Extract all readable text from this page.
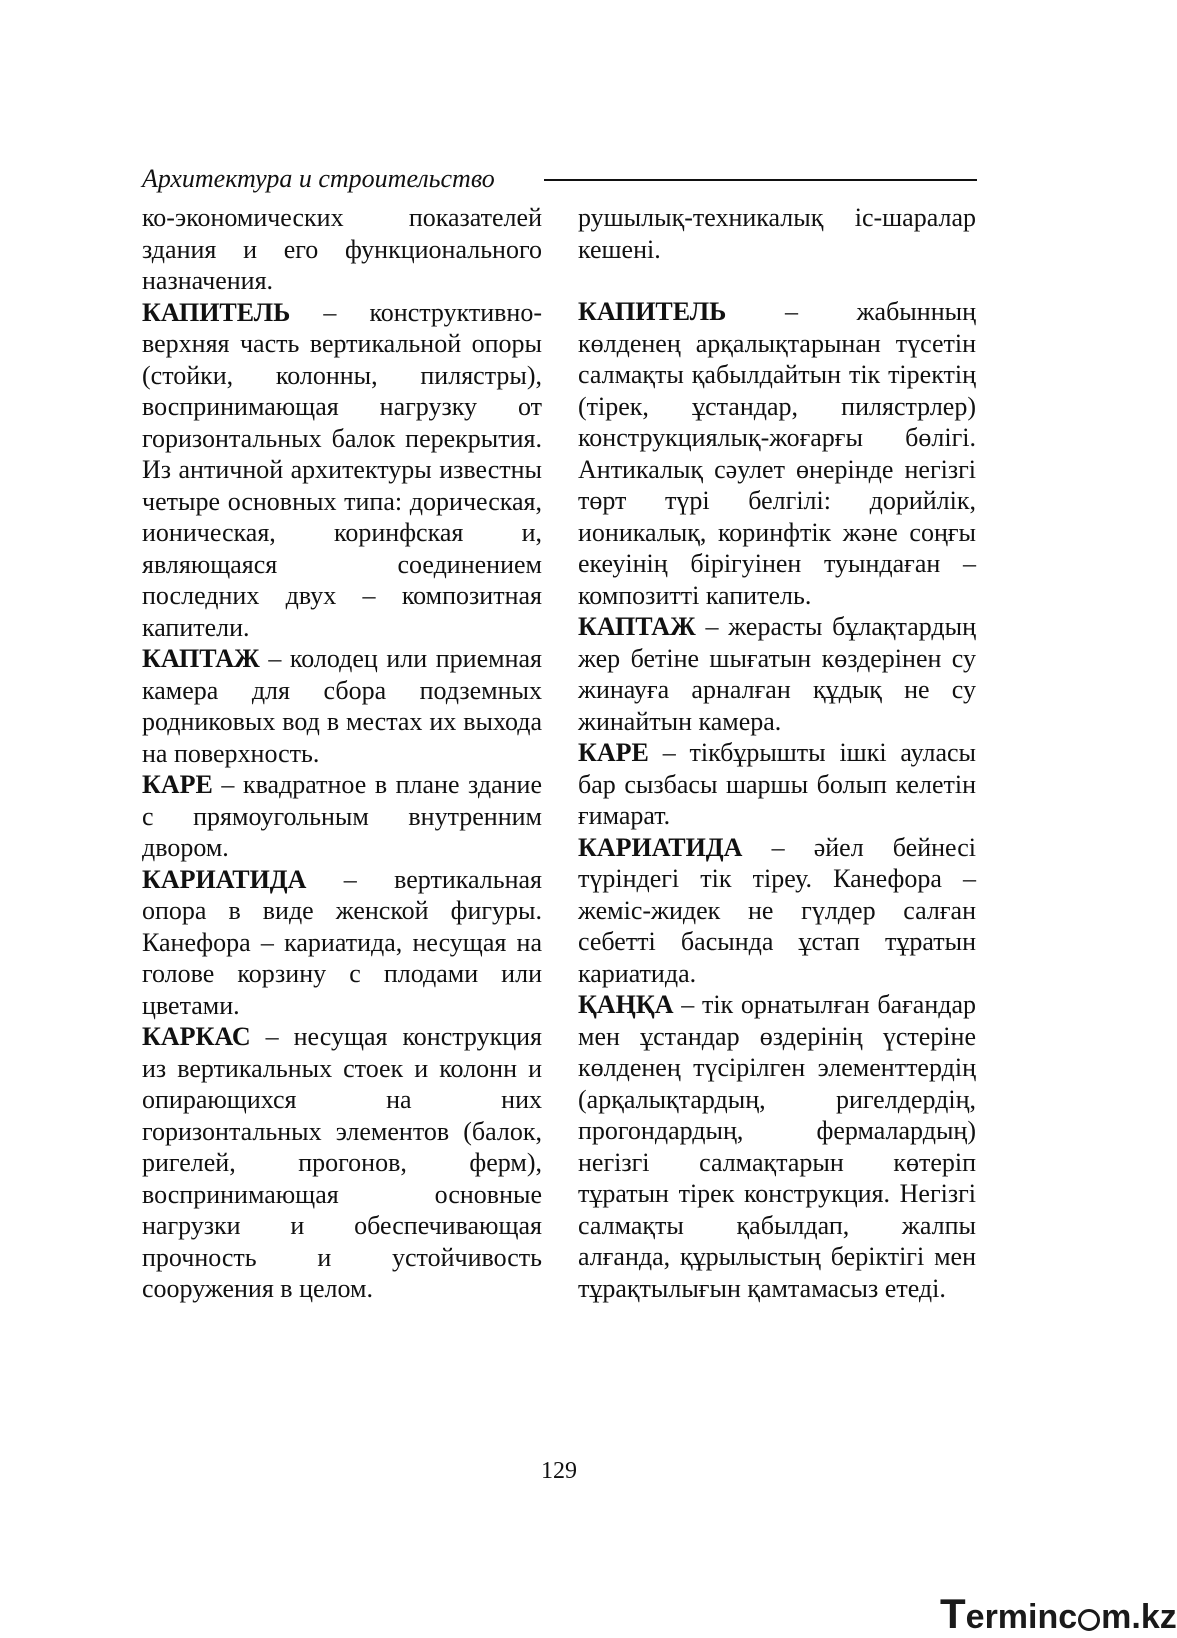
Архитектура и строительство

ко-экономических показателей здания и его функционального назначения.

КАПИТЕЛЬ – конструктивно-верхняя часть вертикальной опоры (стойки, колонны, пилястры), воспринимающая нагрузку от горизонтальных балок перекрытия. Из античной архитектуры известны четыре основных типа: дорическая, ионическая, коринфская и, являющаяся соединением последних двух – композитная капители.

КАПТАЖ – колодец или приемная камера для сбора подземных родниковых вод в местах их выхода на поверхность.

КАРЕ – квадратное в плане здание с прямоугольным внутренним двором.

КАРИАТИДА – вертикальная опора в виде женской фигуры. Канефора – кариатида, несущая на голове корзину с плодами или цветами.

КАРКАС – несущая конструкция из вертикальных стоек и колонн и опирающихся на них горизонтальных элементов (балок, ригелей, прогонов, ферм), воспринимающая основные нагрузки и обеспечивающая прочность и устойчивость сооружения в целом.

рушылық-техникалық іс-шаралар кешені.

КАПИТЕЛЬ – жабынның көлденең арқалықтарынан түсетін салмақты қабылдайтын тік тіректің (тірек, ұстандар, пилястрлер) конструкциялық-жоғарғы бөлігі. Антикалық сәулет өнерінде негізгі төрт түрі белгілі: дорийлік, ионикалық, коринфтік және соңғы екеуінің бірігуінен туындаған – композитті капитель.

КАПТАЖ – жерасты бұлақтардың жер бетіне шығатын көздерінен су жинауға арналған құдық не су жинайтын камера.

КАРЕ – тікбұрышты ішкі ауласы бар сызбасы шаршы болып келетін ғимарат.

КАРИАТИДА – әйел бейнесі түріндегі тік тіреу. Канефора – жеміс-жидек не гүлдер салған себетті басында ұстап тұратын кариатида.

ҚАҢҚА – тік орнатылған бағандар мен ұстандар өздерінің үстеріне көлденең түсірілген элементтердің (арқалықтардың, ригелдердің, прогондардың, фермалардың) негізгі салмақтарын көтеріп тұратын тірек конструкция. Негізгі салмақты қабылдап, жалпы алғанда, құрылыстың беріктігі мен тұрақтылығын қамтамасыз етеді.

129
Terminc m.kz
